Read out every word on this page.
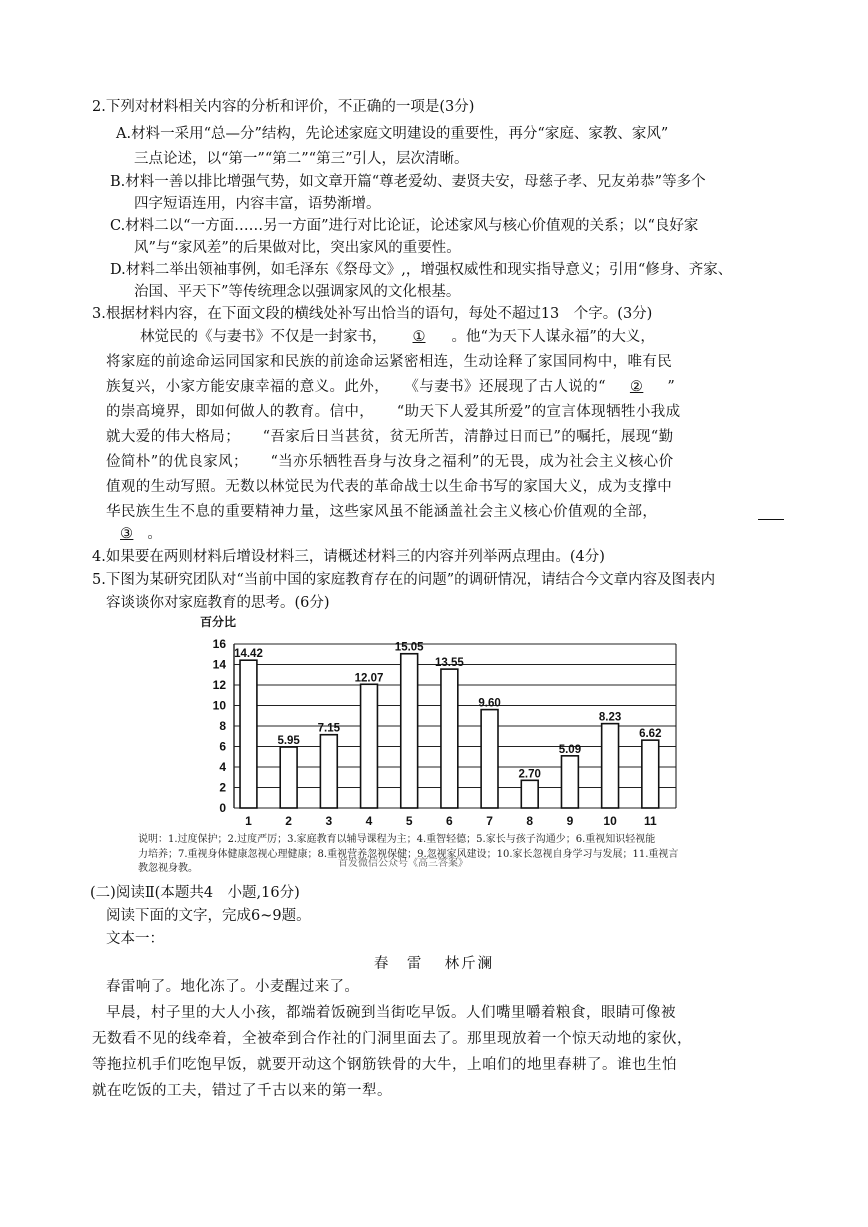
2.下列对材料相关内容的分析和评价，不正确的一项是(3分)
A.材料一采用“总—分”结构，先论述家庭文明建设的重要性，再分“家庭、家教、家风”
三点论述，以“第一”“第二”“第三”引人，层次清晰。
B.材料一善以排比增强气势，如文章开篇“尊老爱幼、妻贤夫安，母慈子孝、兄友弟恭”等多个
四字短语连用，内容丰富，语势渐增。
C.材料二以“一方面……另一方面”进行对比论证，论述家风与核心价值观的关系；以“良好家
风”与“家风差”的后果做对比，突出家风的重要性。
D.材料二举出领袖事例，如毛泽东《祭母文》,，增强权威性和现实指导意义；引用“修身、齐家、
治国、平天下”等传统理念以强调家风的文化根基。
3.根据材料内容，在下面文段的横线处补写出恰当的语句，每处不超过13　个字。(3分)
林觉民的《与妻书》不仅是一封家书， ① 。他“为天下人谋永福”的大义，
将家庭的前途命运同国家和民族的前途命运紧密相连，生动诠释了家国同构中，唯有民
族复兴，小家方能安康幸福的意义。此外，　　《与妻书》还展现了古人说的“ ② ”
的崇高境界，即如何做人的教育。信中，　　“助天下人爱其所爱”的宣言体现牺牲小我成
就大爱的伟大格局；　　“吾家后日当甚贫，贫无所苦，清静过日而已”的嘱托，展现“勤
俭简朴”的优良家风；　　“当亦乐牺牲吾身与汝身之福利”的无畏，成为社会主义核心价
值观的生动写照。无数以林觉民为代表的革命战士以生命书写的家国大义，成为支撑中
华民族生生不息的重要精神力量，这些家风虽不能涵盖社会主义核心价值观的全部，
③ 。
4.如果要在两则材料后增设材料三，请概述材料三的内容并列举两点理由。(4分)
5.下图为某研究团队对“当前中国的家庭教育存在的问题”的调研情况，请结合今文章内容及图表内
容谈谈你对家庭教育的思考。(6分)
百分比
0
2
4
6
8
10
12
14
16
1	2	3	4	5	6	7	8	9	10 11
14.42
5.95
7.15
12.07
15.05
13.55
9.60
2.70
5.09
8.23
6.62
说明：1.过度保护；2.过度严厉；3.家庭教育以辅导课程为主；4.重智轻德；5.家长与孩子沟通少；6.重视知识轻视能
力培养；7.重视身体健康忽视心理健康；8.重视营养忽视保健；9.忽视家风建设；10.家长忽视自身学习与发展；11.重视言
教忽视身教。	首发微信公众号《高三答案》
(二)阅读Ⅱ(本题共4　小题,16分)
阅读下面的文字，完成6~9题。
文本一：
春　雷 林斤澜
春雷响了。地化冻了。小麦醒过来了。
早晨，村子里的大人小孩，都端着饭碗到当街吃早饭。人们嘴里嚼着粮食，眼睛可像被
无数看不见的线牵着，全被牵到合作社的门洞里面去了。那里现放着一个惊天动地的家伙，
等拖拉机手们吃饱早饭，就要开动这个钢筋铁骨的大牛，上咱们的地里春耕了。谁也生怕
就在吃饭的工夫，错过了千古以来的第一犁。
